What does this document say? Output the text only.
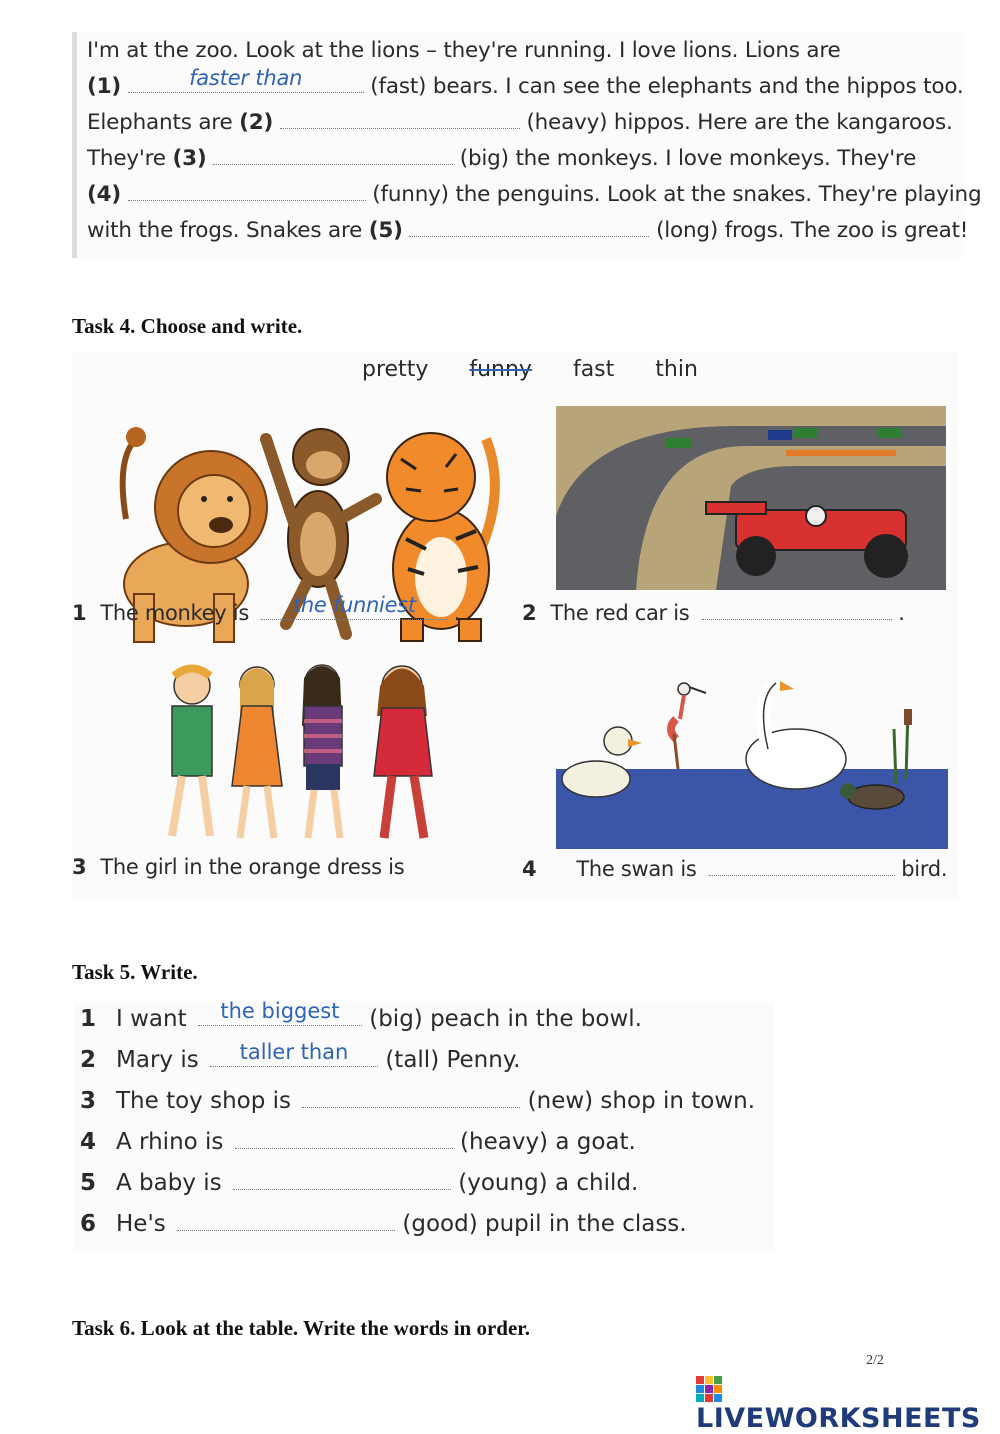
I'm at the zoo. Look at the lions – they're running. I love lions. Lions are
(1)	faster than	(fast) bears. I can see the elephants and the hippos too.
Elephants are (2)	(heavy) hippos. Here are the kangaroos.
They're (3)	(big) the monkeys. I love monkeys. They're
(4)	(funny) the penguins. Look at the snakes. They're playing
with the frogs. Snakes are (5)	(long) frogs. The zoo is great!
Task 4. Choose and write.
pretty funny fast thin
1 The monkey is	the funniest	.	2 The red car is	.
3 The girl in the orange dress is	4 The swan is	bird.
Task 5. Write.
1 I want	the biggest	(big) peach in the bowl.
2 Mary is	taller than	(tall) Penny.
3 The toy shop is	(new) shop in town.
4 A rhino is	(heavy) a goat.
5 A baby is	(young) a child.
6 He's	(good) pupil in the class.
Task 6. Look at the table. Write the words in order.
2/2
LIVEWORKSHEETS
